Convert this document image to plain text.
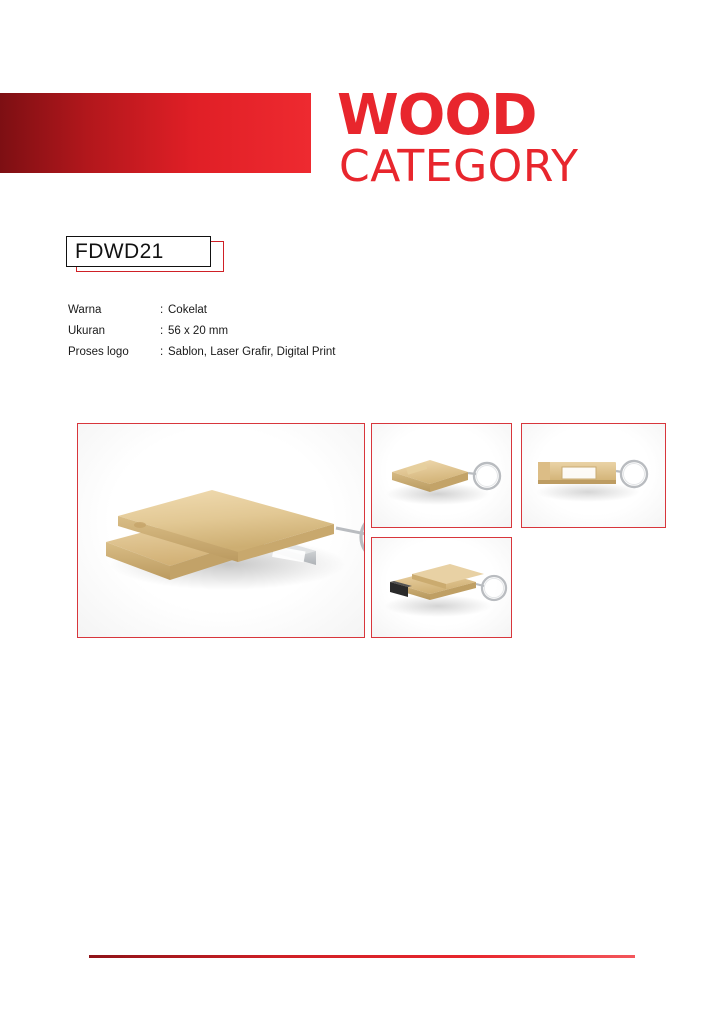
WOOD
CATEGORY
FDWD21
Warna	: Cokelat
Ukuran	: 56 x 20 mm
Proses logo	: Sablon, Laser Grafir, Digital Print
